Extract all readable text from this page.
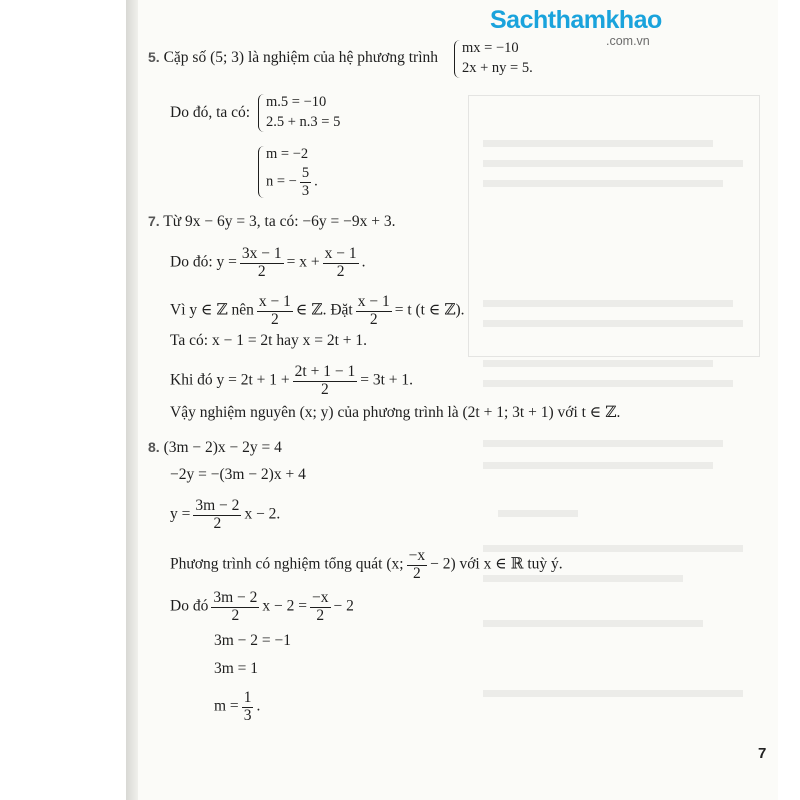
5. Cặp số (5; 3) là nghiệm của hệ phương trình
mx = −10
2x + ny = 5.
Do đó, ta có:
m.5 = −10
2.5 + n.3 = 5
m = −2
n = − $\frac{5}{3}$ .
7. Từ 9x − 6y = 3, ta có: −6y = −9x + 3.
Do đó: $y = \frac{3x - 1}{2} = x + \frac{x - 1}{2}$ .
Vì y ∈ ℤ nên $\frac{x - 1}{2}$ ∈ ℤ. Đặt $\frac{x - 1}{2} = t$ (t ∈ ℤ).
Ta có: x − 1 = 2t hay x = 2t + 1.
Khi đó $y = 2t + 1 + \frac{2t + 1 - 1}{2} = 3t + 1$.
Vậy nghiệm nguyên (x; y) của phương trình là (2t + 1; 3t + 1) với t ∈ ℤ.
8. (3m − 2)x − 2y = 4
−2y = −(3m − 2)x + 4
$y = \frac{3m - 2}{2}$ x − 2.
Phương trình có nghiệm tổng quát (x; $\frac{-x}{2} - 2$) với x ∈ ℝ tuỳ ý.
Do đó $\frac{3m - 2}{2}$ $x - 2 = \frac{-x}{2} - 2$
3m − 2 = −1
3m = 1
$m = \frac{1}{3}$ .
7
Sachthamkhao
.com.vn
